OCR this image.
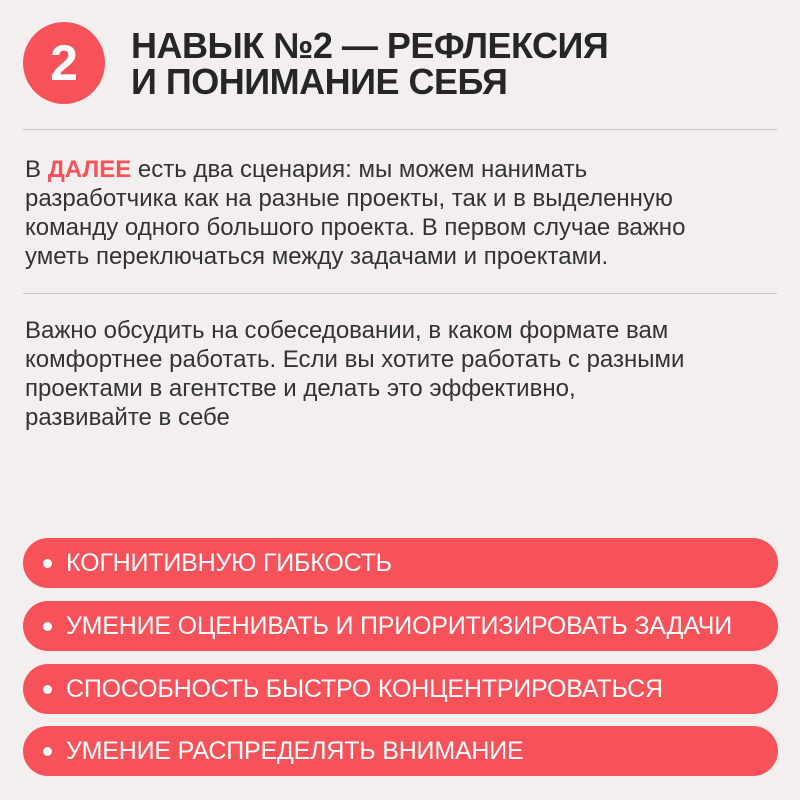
2	НАВЫК №2 — РЕФЛЕКСИЯ
И ПОНИМАНИЕ СЕБЯ

В ДАЛЕЕ есть два сценария: мы можем нанимать
разработчика как на разные проекты, так и в выделенную
команду одного большого проекта. В первом случае важно
уметь переключаться между задачами и проектами.

Важно обсудить на собеседовании, в каком формате вам
комфортнее работать. Если вы хотите работать с разными
проектами в агентстве и делать это эффективно,
развивайте в себе

КОГНИТИВНУЮ ГИБКОСТЬ
УМЕНИЕ ОЦЕНИВАТЬ И ПРИОРИТИЗИРОВАТЬ ЗАДАЧИ
СПОСОБНОСТЬ БЫСТРО КОНЦЕНТРИРОВАТЬСЯ
УМЕНИЕ РАСПРЕДЕЛЯТЬ ВНИМАНИЕ
